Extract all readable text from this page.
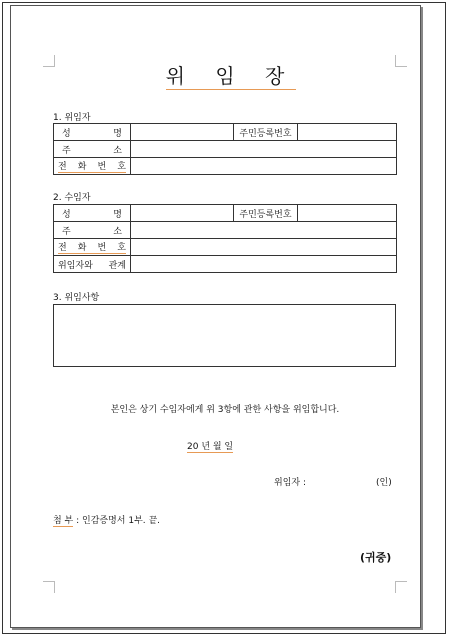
위 임 장
1. 위임자
성 명		주민등록번호	

주 소			

전 화 번 호			

2. 수임자
성 명		주민등록번호	

주 소			

전 화 번 호			

위임자와 관계			

3. 위임사항
본인은 상기 수임자에게 위 3항에 관한 사항을 위임합니다.
20 년 월 일
위임자 :	(인)
첨 부 : 인감증명서 1부. 끝.
(귀중)
